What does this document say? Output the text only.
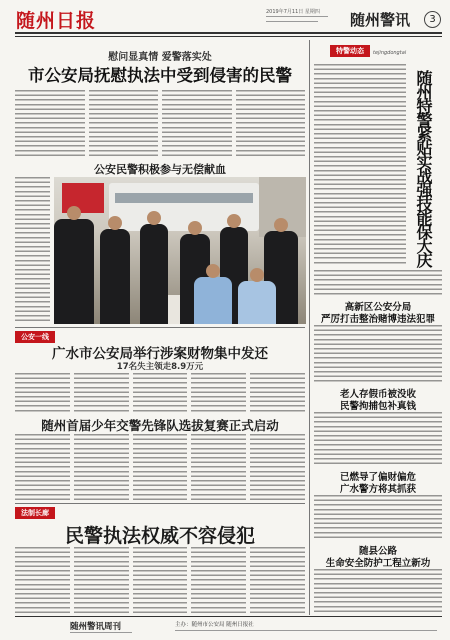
随州日报	2019年7月11日 星期四 随州警讯	3
慰问显真情 爱警落实处
市公安局抚慰执法中受到侵害的民警
公安民警积极参与无偿献血
公安一线
广水市公安局举行涉案财物集中发还
17名失主领走8.9万元
随州首届少年交警先锋队选拔复赛正式启动
法制长廊
民警执法权威不容侵犯
特警动态	tejingdongtai
随州特警紧贴实战强技能保大庆
高新区公安分局
严厉打击整治赌博违法犯罪
老人存假币被没收
民警拘捕包补真钱
已燃导了偏财偏危
广水警方将其抓获
随县公路
生命安全防护工程立新功
随州警讯周刊	主办：随州市公安局 随州日报社
